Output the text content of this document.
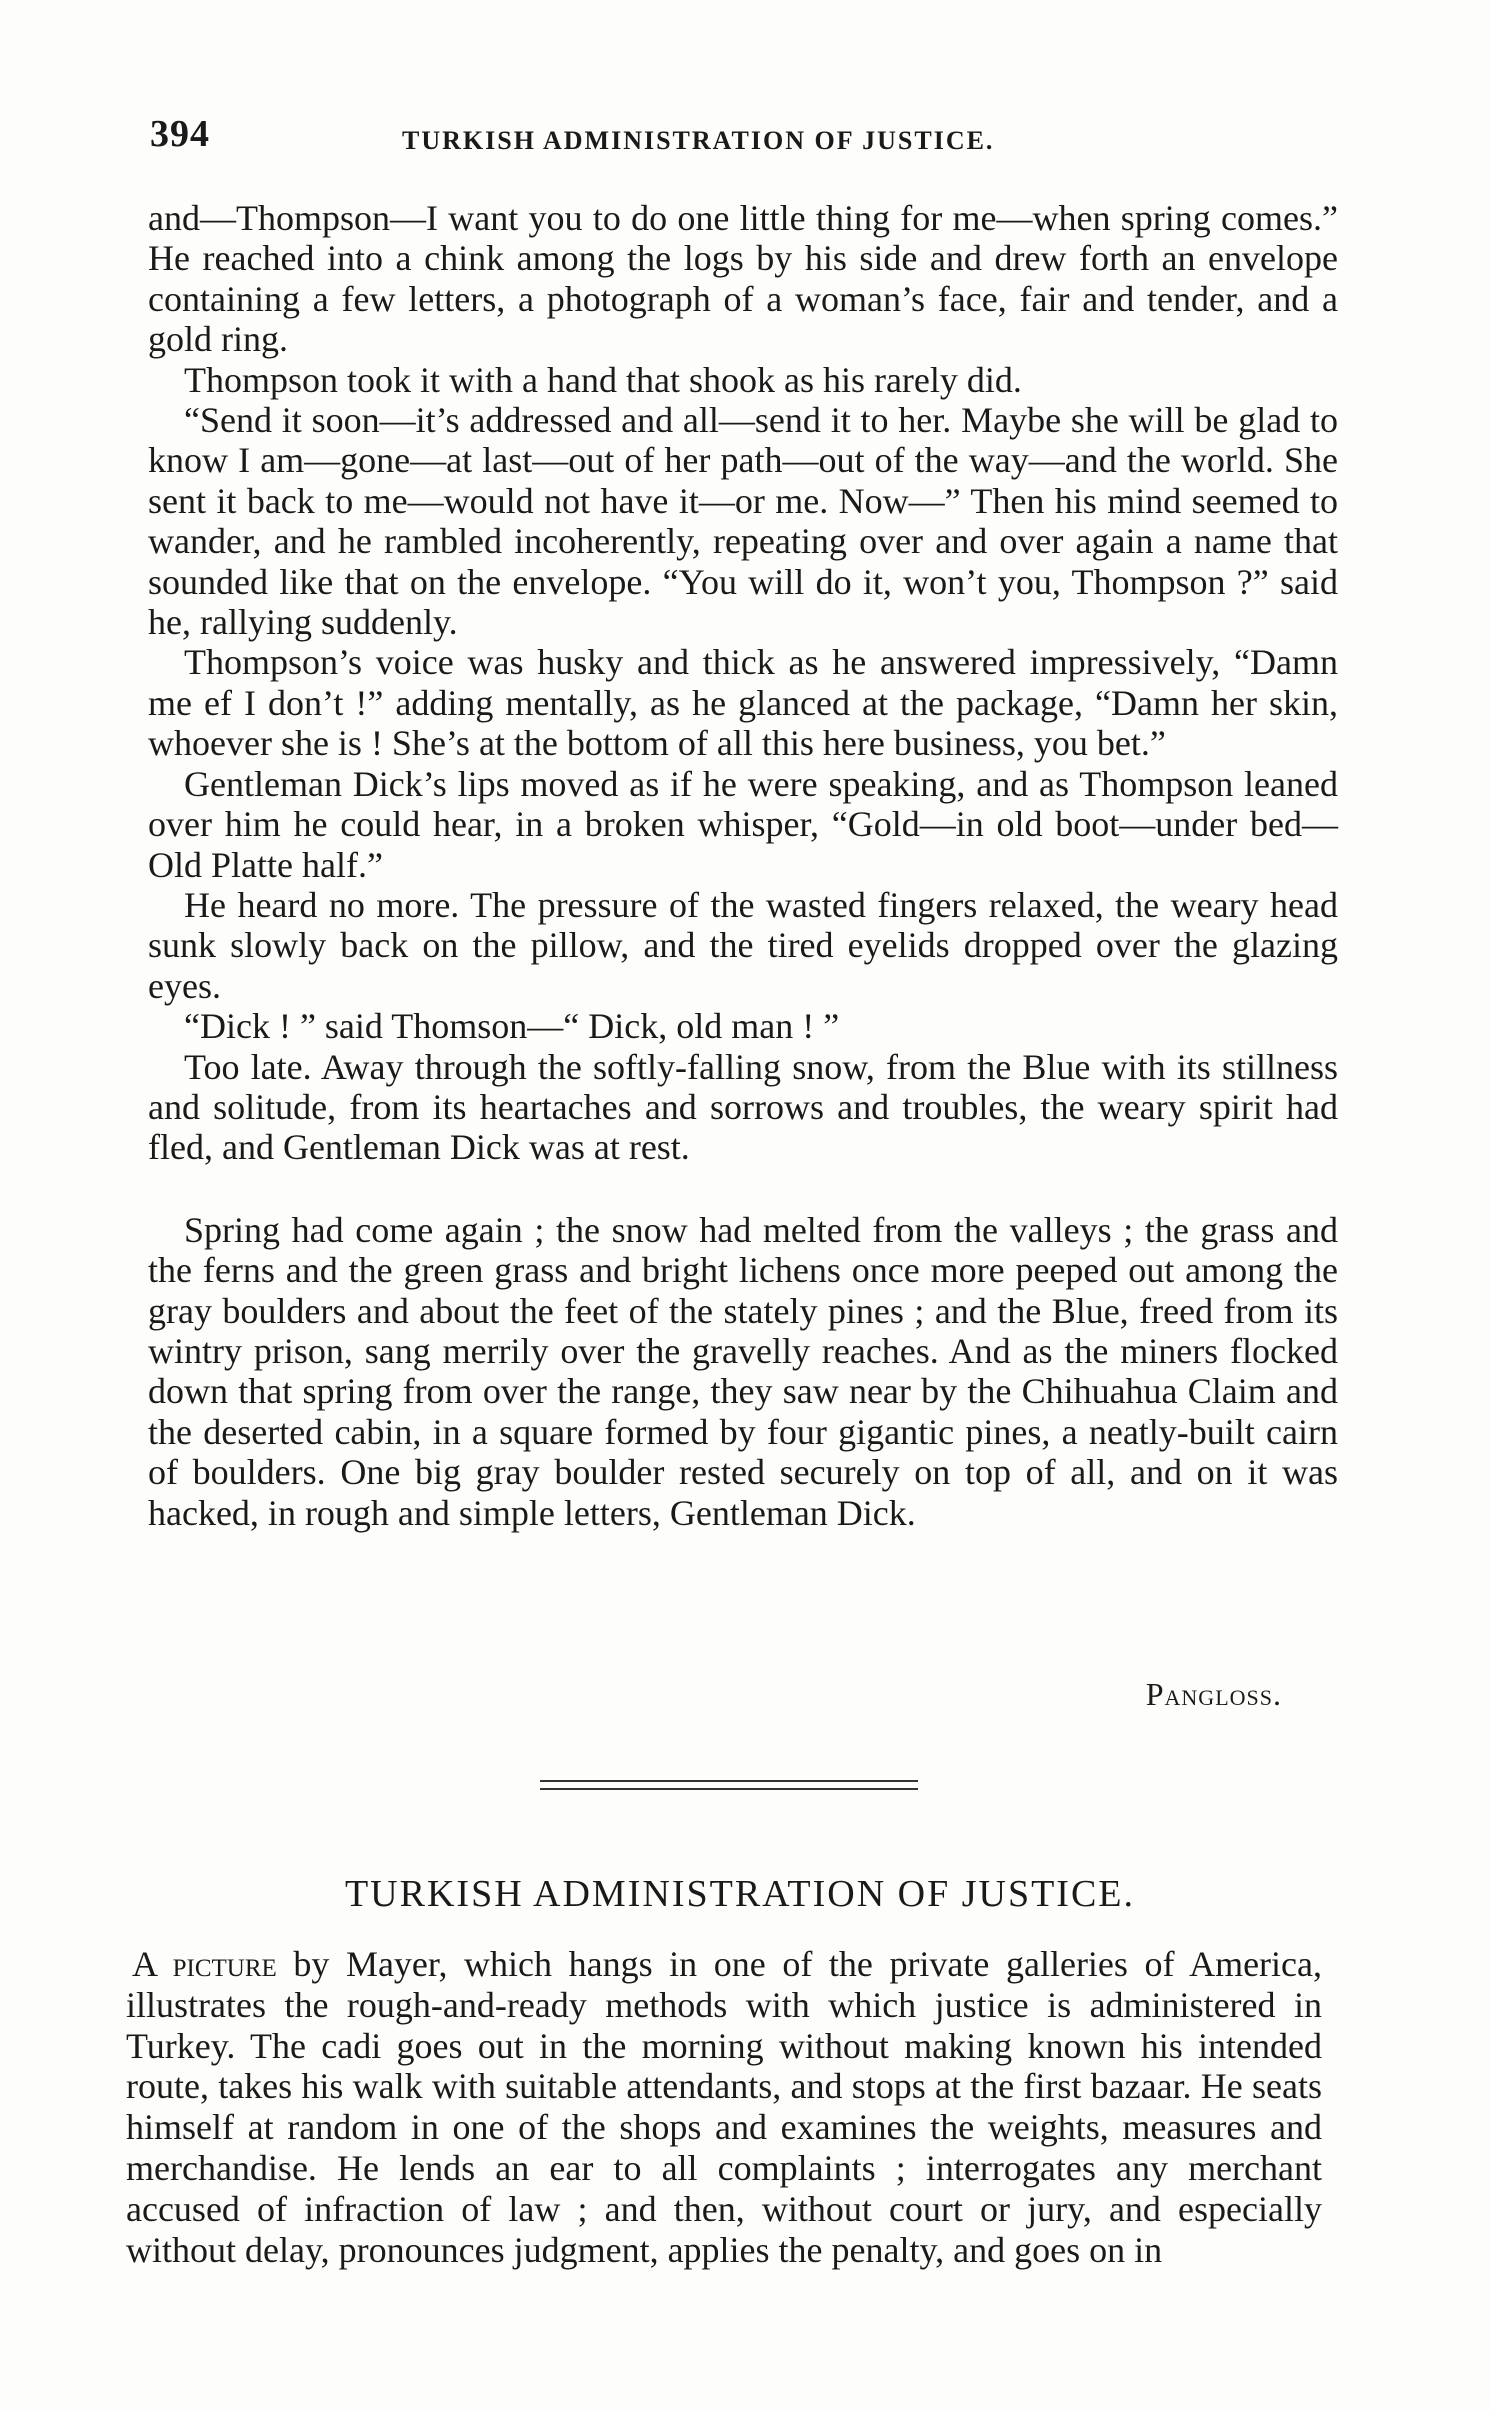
394	TURKISH ADMINISTRATION OF JUSTICE.

and—Thompson—I want you to do one little thing for me—when spring comes.” He reached into a chink among the logs by his side and drew forth an envelope containing a few letters, a photograph of a woman’s face, fair and tender, and a gold ring.

Thompson took it with a hand that shook as his rarely did.

“Send it soon—it’s addressed and all—send it to her. Maybe she will be glad to know I am—gone—at last—out of her path—out of the way—and the world. She sent it back to me—would not have it—or me. Now—” Then his mind seemed to wander, and he rambled incoherently, repeating over and over again a name that sounded like that on the envelope. “You will do it, won’t you, Thompson ?” said he, rallying suddenly.

Thompson’s voice was husky and thick as he answered impressively, “Damn me ef I don’t !” adding mentally, as he glanced at the package, “Damn her skin, whoever she is ! She’s at the bottom of all this here business, you bet.”

Gentleman Dick’s lips moved as if he were speaking, and as Thompson leaned over him he could hear, in a broken whisper, “Gold—in old boot—under bed—Old Platte half.”

He heard no more. The pressure of the wasted fingers relaxed, the weary head sunk slowly back on the pillow, and the tired eyelids dropped over the glazing eyes.

“Dick ! ” said Thomson—“ Dick, old man ! ”

Too late. Away through the softly-falling snow, from the Blue with its stillness and solitude, from its heartaches and sorrows and troubles, the weary spirit had fled, and Gentleman Dick was at rest.

Spring had come again ; the snow had melted from the valleys ; the grass and the ferns and the green grass and bright lichens once more peeped out among the gray boulders and about the feet of the stately pines ; and the Blue, freed from its wintry prison, sang merrily over the gravelly reaches. And as the miners flocked down that spring from over the range, they saw near by the Chihuahua Claim and the deserted cabin, in a square formed by four gigantic pines, a neatly-built cairn of boulders. One big gray boulder rested securely on top of all, and on it was hacked, in rough and simple letters, Gentleman Dick.

Pangloss.
TURKISH ADMINISTRATION OF JUSTICE.

A picture by Mayer, which hangs in one of the private galleries of America, illustrates the rough-and-ready methods with which justice is administered in Turkey. The cadi goes out in the morning without making known his intended route, takes his walk with suitable attendants, and stops at the first bazaar. He seats himself at random in one of the shops and examines the weights, measures and merchandise. He lends an ear to all complaints ; interrogates any merchant accused of infraction of law ; and then, without court or jury, and especially without delay, pronounces judgment, applies the penalty, and goes on in
